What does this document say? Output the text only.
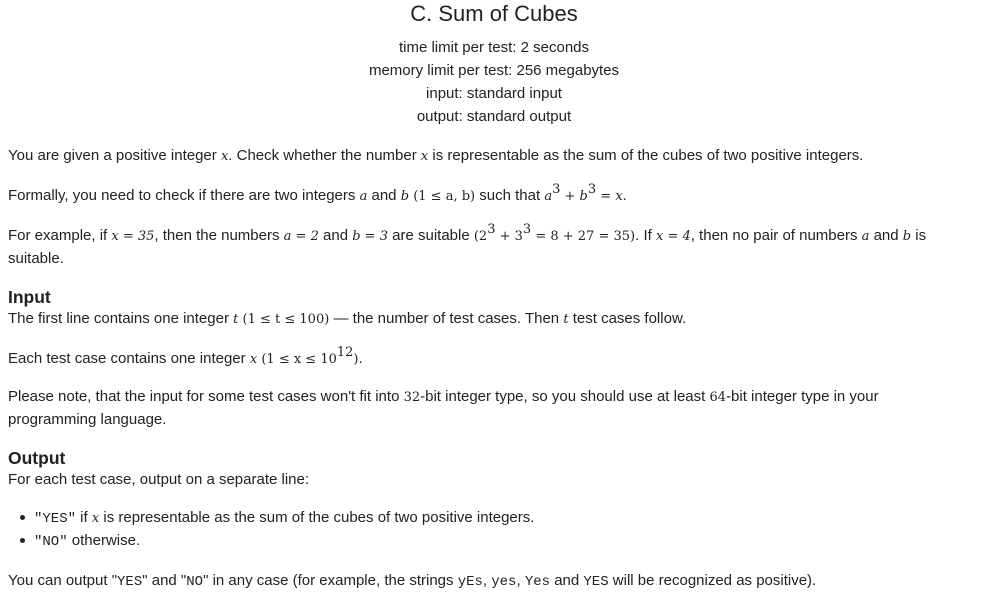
C. Sum of Cubes
time limit per test: 2 seconds
memory limit per test: 256 megabytes
input: standard input
output: standard output

You are given a positive integer x. Check whether the number x is representable as the sum of the cubes of two positive integers.

Formally, you need to check if there are two integers a and b (1 ≤ a, b) such that $a^3 + b^3 = x$.

For example, if x = 35, then the numbers a = 2 and b = 3 are suitable $(2^3 + 3^3 = 8 + 27 = 35)$. If x = 4, then no pair of numbers a and b is
suitable.

Input

The first line contains one integer t (1 ≤ t ≤ 100) — the number of test cases. Then t test cases follow.

Each test case contains one integer x $(1 \le x \le 10^{12})$.

Please note, that the input for some test cases won't fit into 32-bit integer type, so you should use at least 64-bit integer type in your
programming language.

Output

For each test case, output on a separate line:

"YES" if x is representable as the sum of the cubes of two positive integers.
"NO" otherwise.

You can output "YES" and "NO" in any case (for example, the strings yEs, yes, Yes and YES will be recognized as positive).
